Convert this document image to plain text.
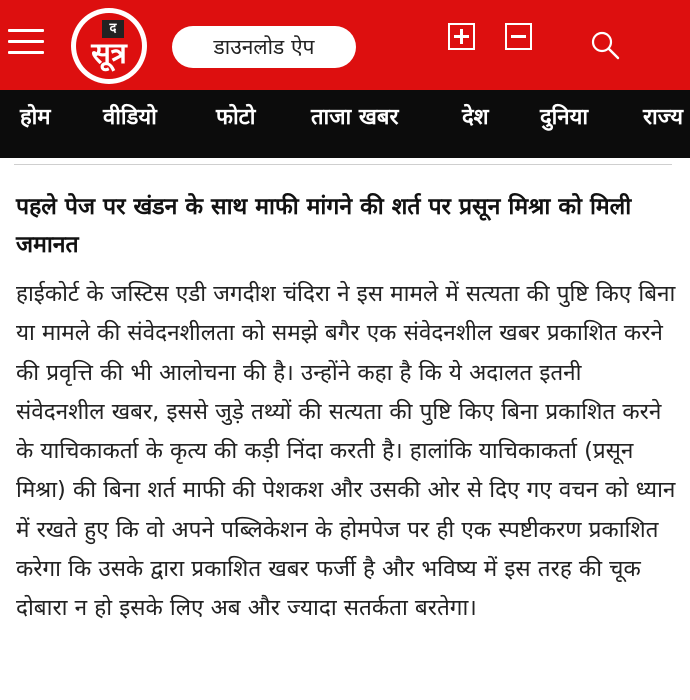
द
सूत्र	डाउनलोड ऐप
होम वीडियो	फोटो	ताजा खबर	देश दुनिया राज्य
पहले पेज पर खंडन के साथ माफी मांगने की शर्त पर प्रसून मिश्रा को मिली जमानत

हाईकोर्ट के जस्टिस एडी जगदीश चंदिरा ने इस मामले में सत्यता की पुष्टि किए बिना या मामले की संवेदनशीलता को समझे बगैर एक संवेदनशील खबर प्रकाशित करने की प्रवृत्ति की भी आलोचना की है। उन्होंने कहा है कि ये अदालत इतनी संवेदनशील खबर, इससे जुड़े तथ्यों की सत्यता की पुष्टि किए बिना प्रकाशित करने के याचिकाकर्ता के कृत्य की कड़ी निंदा करती है। हालांकि याचिकाकर्ता (प्रसून मिश्रा) की बिना शर्त माफी की पेशकश और उसकी ओर से दिए गए वचन को ध्यान में रखते हुए कि वो अपने पब्लिकेशन के होमपेज पर ही एक स्पष्टीकरण प्रकाशित करेगा कि उसके द्वारा प्रकाशित खबर फर्जी है और भविष्य में इस तरह की चूक दोबारा न हो इसके लिए अब और ज्यादा सतर्कता बरतेगा।
